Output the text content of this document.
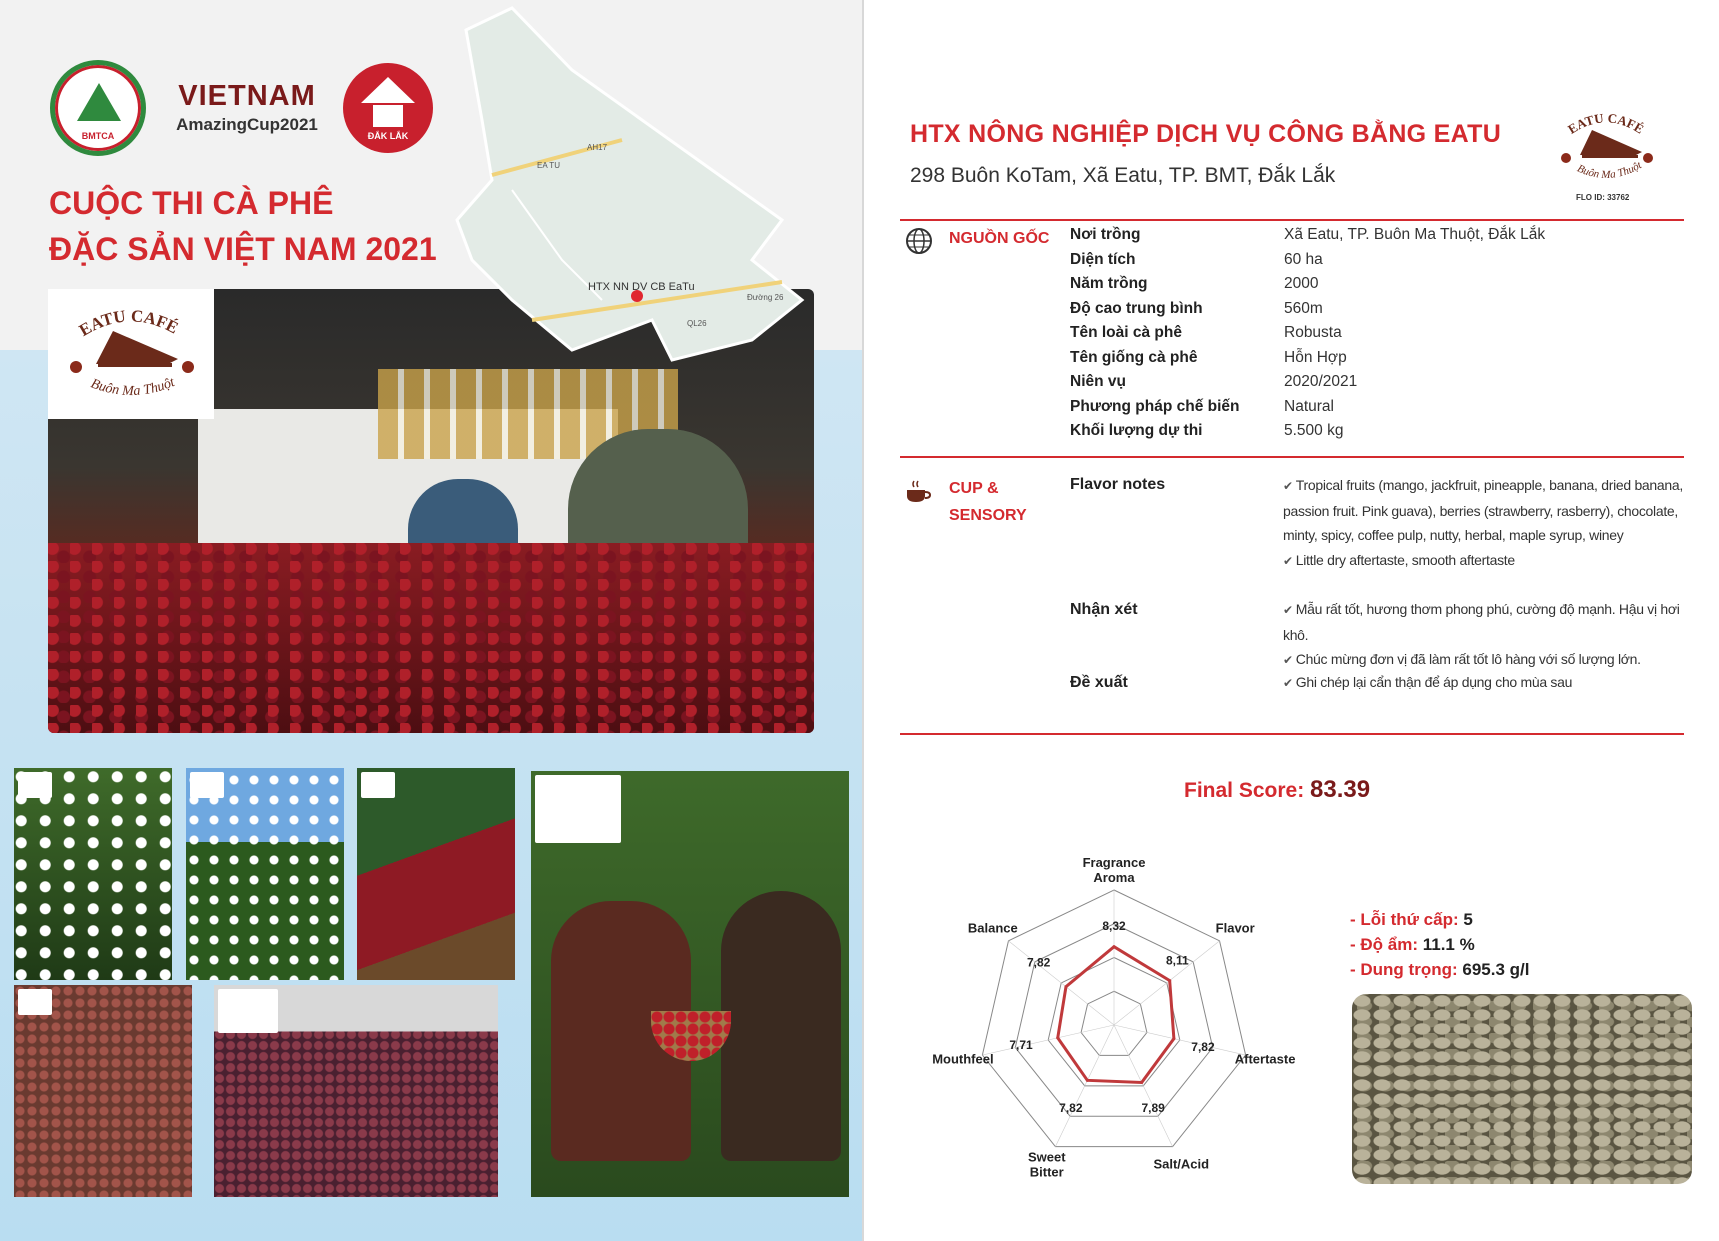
BMTCA
VIETNAM
AmazingCup2021
ĐẮK LẮK
CUỘC THI CÀ PHÊ
ĐẶC SẢN VIỆT NAM 2021
HTX NN DV CB EaTu
AH17
QL26
EA TU
Đường 26
EATU CAFÉ
Buôn Ma Thuột
HTX NÔNG NGHIỆP DỊCH VỤ CÔNG BẰNG EATU
298 Buôn KoTam, Xã Eatu, TP. BMT, Đắk Lắk
EATU CAFÉ
Buôn Ma Thuột
FLO ID: 33762
NGUỒN GỐC Nơi trồng	Xã Eatu, TP. Buôn Ma Thuột, Đắk Lắk
Diện tích	60 ha
Năm trồng	2000
Độ cao trung bình	560m
Tên loài cà phê	Robusta
Tên giống cà phê	Hỗn Hợp
Niên vụ	2020/2021
Phương pháp chế biến	Natural
Khối lượng dự thi	5.500 kg
CUP &
SENSORY
Flavor notes	✔ Tropical fruits (mango, jackfruit, pineapple, banana, dried banana, passion fruit. Pink guava), berries (strawberry, rasberry), chocolate, minty, spicy, coffee pulp, nutty, herbal, maple syrup, winey
✔ Little dry aftertaste, smooth aftertaste
Nhận xét	✔ Mẫu rất tốt, hương thơm phong phú, cường độ mạnh. Hậu vị hơi khô.
✔ Chúc mừng đơn vị đã làm rất tốt lô hàng với số lượng lớn.
Đề xuất	✔ Ghi chép lại cẩn thận để áp dụng cho mùa sau
Final Score: 83.39
8,32
8,11
7,82
7,89
7,82
7,71
7,82
Fragrance Aroma
Flavor
Aftertaste
Salt/Acid
Sweet Bitter
Mouthfeel
Balance	- Lỗi thứ cấp: 5
- Độ ẩm: 11.1 %
- Dung trọng: 695.3 g/l
